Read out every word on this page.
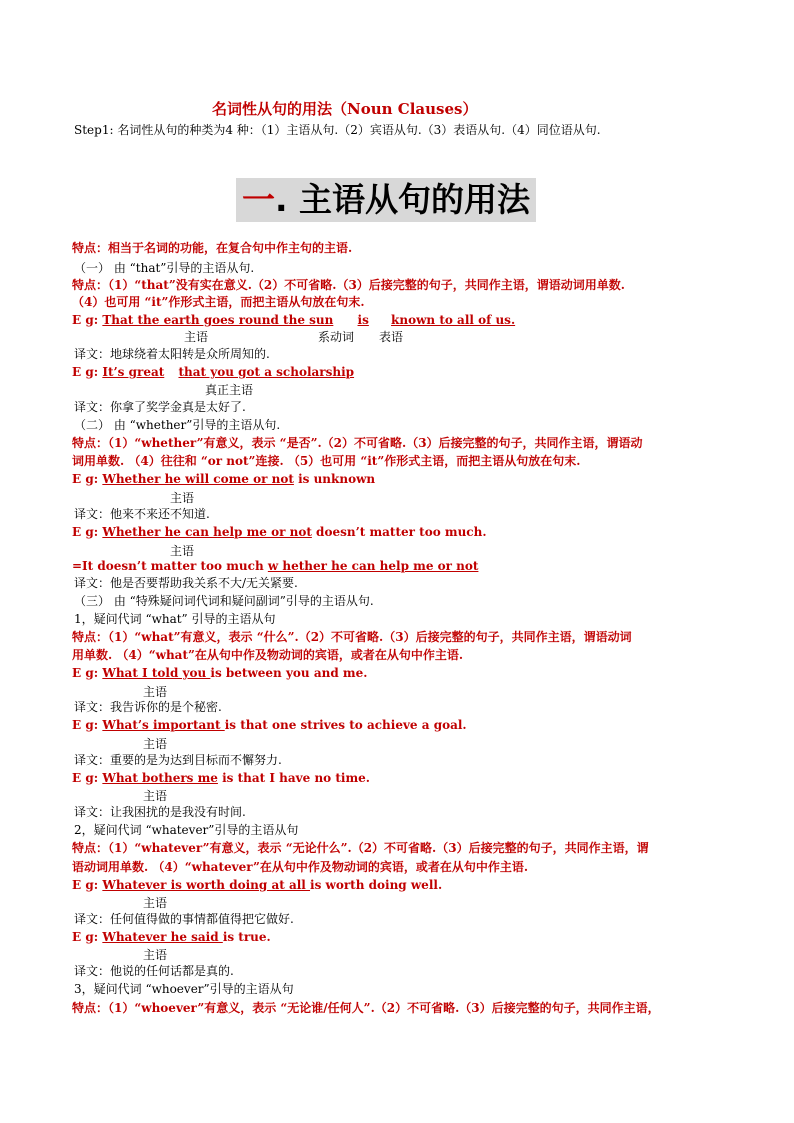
名词性从句的用法（Noun Clauses）
Step1: 名词性从句的种类为4 种：（1）主语从句.（2）宾语从句.（3）表语从句.（4）同位语从句.
一. 主语从句的用法
特点：相当于名词的功能，在复合句中作主句的主语.
（一） 由 “that”引导的主语从句.
特点：（1）“that”没有实在意义.（2）不可省略.（3）后接完整的句子，共同作主语，谓语动词用单数.
（4）也可用 “it”作形式主语，而把主语从句放在句末.
E g: That the earth goes round the sun is known to all of us.
主语	系动词 表语
译文：地球绕着太阳转是众所周知的.
E g: It’s great that you got a scholarship
真正主语
译文：你拿了奖学金真是太好了.
（二） 由 “whether”引导的主语从句.
特点：（1）“whether”有意义，表示 “是否”.（2）不可省略.（3）后接完整的句子，共同作主语，谓语动
词用单数. （4）往往和 “or not”连接. （5）也可用 “it”作形式主语，而把主语从句放在句末.
E g: Whether he will come or not is unknown
主语
译文：他来不来还不知道.
E g: Whether he can help me or not doesn’t matter too much.
主语
=It doesn’t matter too much w hether he can help me or not
译文：他是否要帮助我关系不大/无关紧要.
（三） 由 “特殊疑问词代词和疑问副词”引导的主语从句.
1，疑问代词 “what” 引导的主语从句
特点：（1）“what”有意义，表示 “什么”.（2）不可省略.（3）后接完整的句子，共同作主语，谓语动词
用单数. （4）“what”在从句中作及物动词的宾语，或者在从句中作主语.
E g: What I told you is between you and me.
主语
译文：我告诉你的是个秘密.
E g: What’s important is that one strives to achieve a goal.
主语
译文：重要的是为达到目标而不懈努力.
E g: What bothers me is that I have no time.
主语
译文：让我困扰的是我没有时间.
2，疑问代词 “whatever”引导的主语从句
特点：（1）“whatever”有意义，表示 “无论什么”.（2）不可省略.（3）后接完整的句子，共同作主语，谓
语动词用单数. （4）“whatever”在从句中作及物动词的宾语，或者在从句中作主语.
E g: Whatever is worth doing at all is worth doing well.
主语
译文：任何值得做的事情都值得把它做好.
E g: Whatever he said is true.
主语
译文：他说的任何话都是真的.
3，疑问代词 “whoever”引导的主语从句
特点：（1）“whoever”有意义，表示 “无论谁/任何人”.（2）不可省略.（3）后接完整的句子，共同作主语，
